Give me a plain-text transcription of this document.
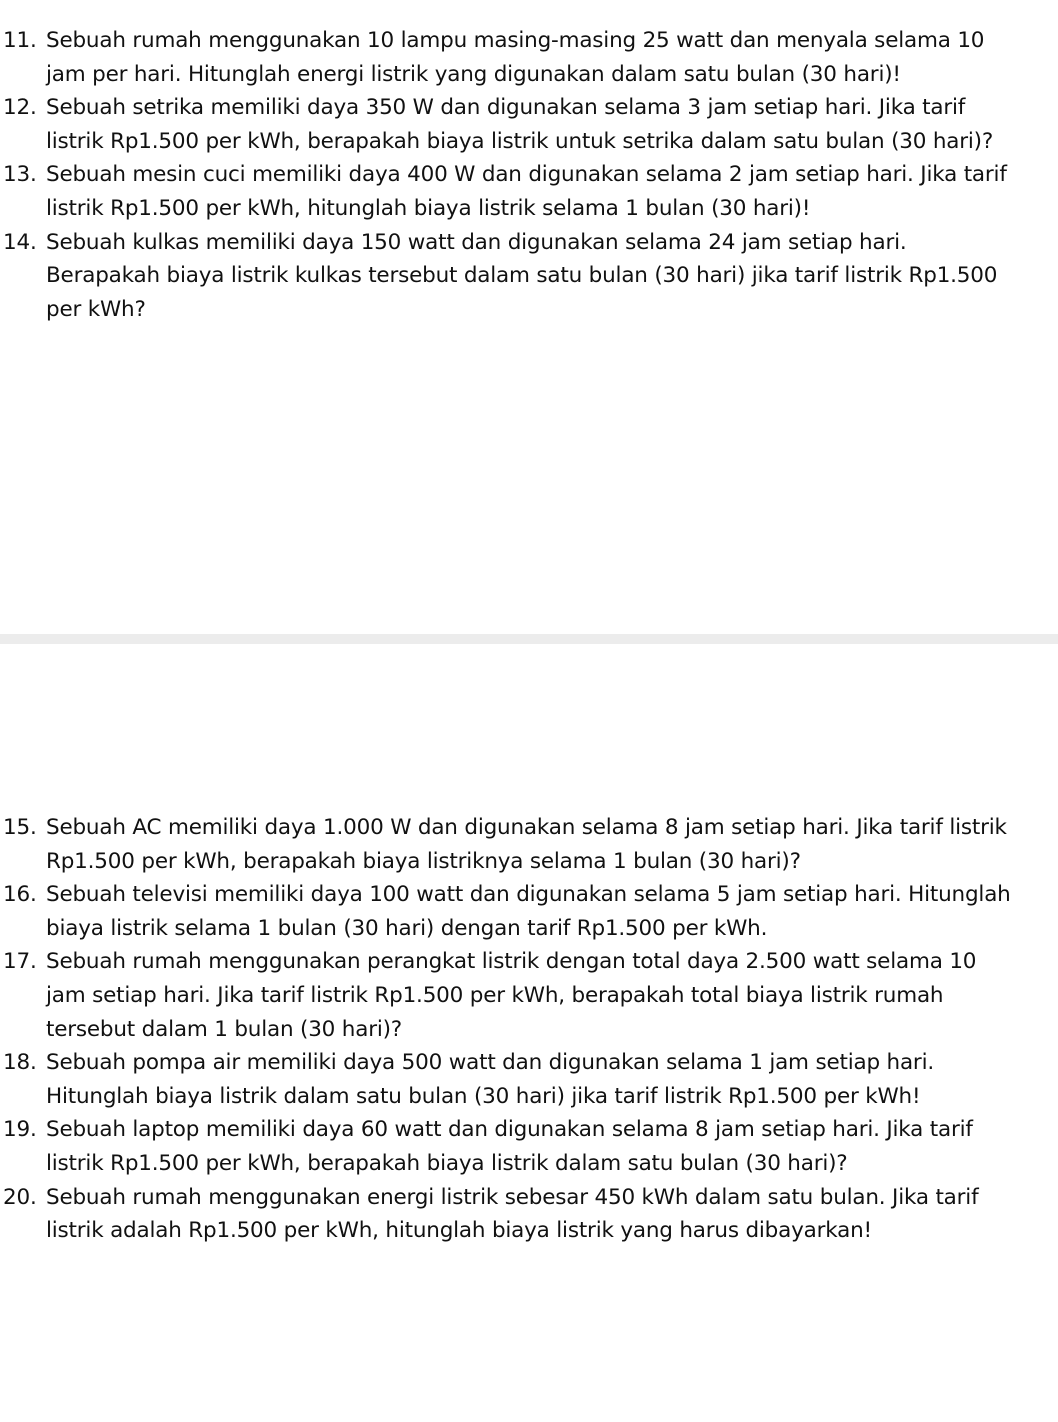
11. Sebuah rumah menggunakan 10 lampu masing-masing 25 watt dan menyala selama 10 jam per hari. Hitunglah energi listrik yang digunakan dalam satu bulan (30 hari)!
12. Sebuah setrika memiliki daya 350 W dan digunakan selama 3 jam setiap hari. Jika tarif listrik Rp1.500 per kWh, berapakah biaya listrik untuk setrika dalam satu bulan (30 hari)?
13. Sebuah mesin cuci memiliki daya 400 W dan digunakan selama 2 jam setiap hari. Jika tarif listrik Rp1.500 per kWh, hitunglah biaya listrik selama 1 bulan (30 hari)!
14. Sebuah kulkas memiliki daya 150 watt dan digunakan selama 24 jam setiap hari. Berapakah biaya listrik kulkas tersebut dalam satu bulan (30 hari) jika tarif listrik Rp1.500 per kWh?
15. Sebuah AC memiliki daya 1.000 W dan digunakan selama 8 jam setiap hari. Jika tarif listrik Rp1.500 per kWh, berapakah biaya listriknya selama 1 bulan (30 hari)?
16. Sebuah televisi memiliki daya 100 watt dan digunakan selama 5 jam setiap hari. Hitunglah biaya listrik selama 1 bulan (30 hari) dengan tarif Rp1.500 per kWh.
17. Sebuah rumah menggunakan perangkat listrik dengan total daya 2.500 watt selama 10 jam setiap hari. Jika tarif listrik Rp1.500 per kWh, berapakah total biaya listrik rumah tersebut dalam 1 bulan (30 hari)?
18. Sebuah pompa air memiliki daya 500 watt dan digunakan selama 1 jam setiap hari. Hitunglah biaya listrik dalam satu bulan (30 hari) jika tarif listrik Rp1.500 per kWh!
19. Sebuah laptop memiliki daya 60 watt dan digunakan selama 8 jam setiap hari. Jika tarif listrik Rp1.500 per kWh, berapakah biaya listrik dalam satu bulan (30 hari)?
20. Sebuah rumah menggunakan energi listrik sebesar 450 kWh dalam satu bulan. Jika tarif listrik adalah Rp1.500 per kWh, hitunglah biaya listrik yang harus dibayarkan!
